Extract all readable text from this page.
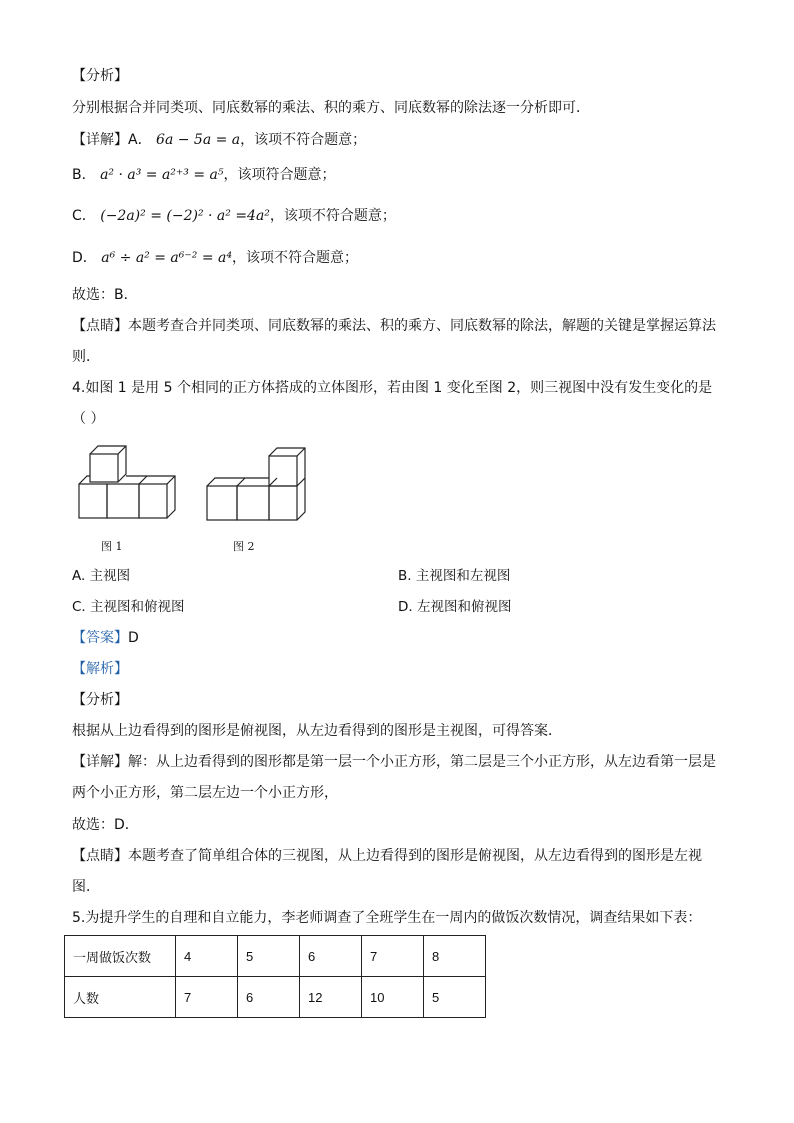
【分析】
分别根据合并同类项、同底数幂的乘法、积的乘方、同底数幂的除法逐一分析即可．
【详解】A． 6a − 5a = a，该项不符合题意；
B． a² · a³ = a²⁺³ = a⁵，该项符合题意；
C． (−2a)² = (−2)² · a² =4a²，该项不符合题意；
D． a⁶ ÷ a² = a⁶⁻² = a⁴，该项不符合题意；
故选：B．
【点睛】本题考查合并同类项、同底数幂的乘法、积的乘方、同底数幂的除法，解题的关键是掌握运算法
则．
4.如图 1 是用 5 个相同的正方体搭成的立体图形，若由图 1 变化至图 2，则三视图中没有发生变化的是
（ ）
图 1	图 2
A. 主视图	B. 主视图和左视图
C. 主视图和俯视图	D. 左视图和俯视图
【答案】D
【解析】
【分析】
根据从上边看得到的图形是俯视图，从左边看得到的图形是主视图，可得答案．
【详解】解：从上边看得到的图形都是第一层一个小正方形，第二层是三个小正方形，从左边看第一层是
两个小正方形，第二层左边一个小正方形，
故选：D．
【点睛】本题考查了简单组合体的三视图，从上边看得到的图形是俯视图，从左边看得到的图形是左视
图．
5.为提升学生的自理和自立能力，李老师调查了全班学生在一周内的做饭次数情况，调查结果如下表：
一周做饭次数	4	5	6	7	8
人数	7	6	12	10	5
